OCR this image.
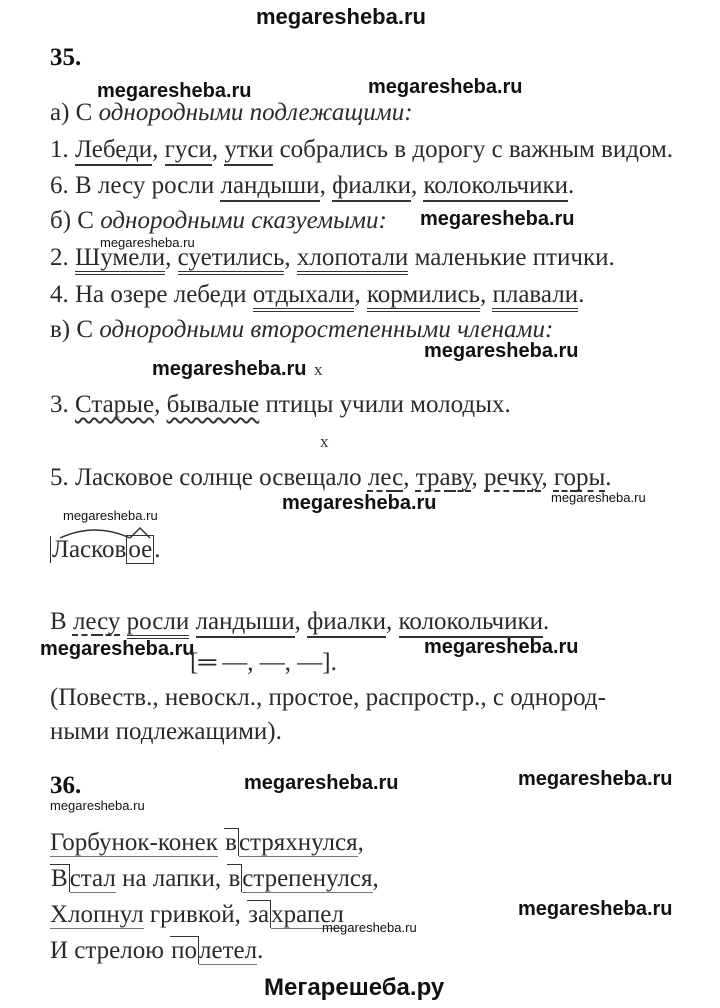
megaresheba.ru
35.
megaresheba.ru	megaresheba.ru
а) С однородными подлежащими:
1. Лебеди, гуси, утки собрались в дорогу с важным видом.
6. В лесу росли ландыши, фиалки, колокольчики.
б) С однородными сказуемыми: megaresheba.ru
megaresheba.ru
2. Шумели, суетились, хлопотали маленькие птички.
4. На озере лебеди отдыхали, кормились, плавали.
в) С однородными второстепенными членами:
megaresheba.ru
megaresheba.ru x
3. Старые, бывалые птицы учили молодых.
x
5. Ласковое солнце освещало лес, траву, речку, горы.
megaresheba.ru	megaresheba.ru
megaresheba.ru
Ласковое.
В лесу росли ландыши, фиалки, колокольчики.
megaresheba.ru	megaresheba.ru
[═ —, —, —].
(Повеств., невоскл., простое, распростр., с однород-
ными подлежащими).
36.	megaresheba.ru	megaresheba.ru
megaresheba.ru
Горбунок-конек встряхнулся,
Встал на лапки, встрепенулся,
Хлопнул гривкой, захрапел	megaresheba.ru
megaresheba.ru
И стрелою полетел.
Мегарешеба.ру
